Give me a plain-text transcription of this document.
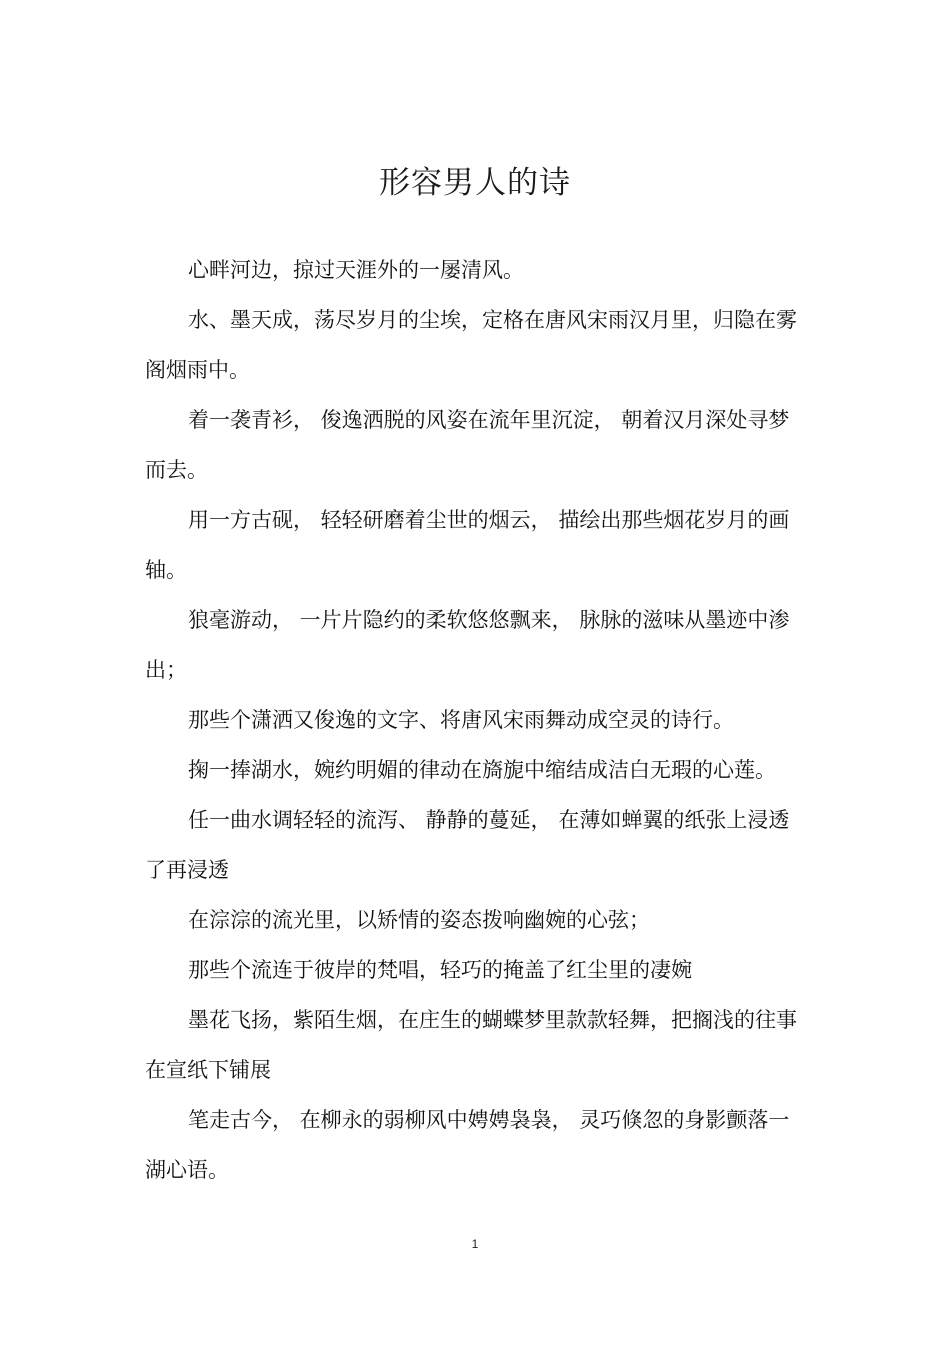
形容男人的诗

心畔河边，掠过天涯外的一屡清风。

水、墨天成，荡尽岁月的尘埃，定格在唐风宋雨汉月里，归隐在雾阁烟雨中。

着一袭青衫， 俊逸洒脱的风姿在流年里沉淀， 朝着汉月深处寻梦而去。

用一方古砚， 轻轻研磨着尘世的烟云， 描绘出那些烟花岁月的画轴。

狼毫游动， 一片片隐约的柔软悠悠飘来， 脉脉的滋味从墨迹中渗出；

那些个潇洒又俊逸的文字、将唐风宋雨舞动成空灵的诗行。

掬一捧湖水，婉约明媚的律动在旖旎中缩结成洁白无瑕的心莲。

任一曲水调轻轻的流泻、 静静的蔓延， 在薄如蝉翼的纸张上浸透了再浸透

在淙淙的流光里，以矫情的姿态拨响幽婉的心弦；

那些个流连于彼岸的梵唱，轻巧的掩盖了红尘里的凄婉

墨花飞扬，紫陌生烟，在庄生的蝴蝶梦里款款轻舞，把搁浅的往事在宣纸下铺展

笔走古今， 在柳永的弱柳风中娉娉袅袅， 灵巧倏忽的身影颤落一湖心语。

1
